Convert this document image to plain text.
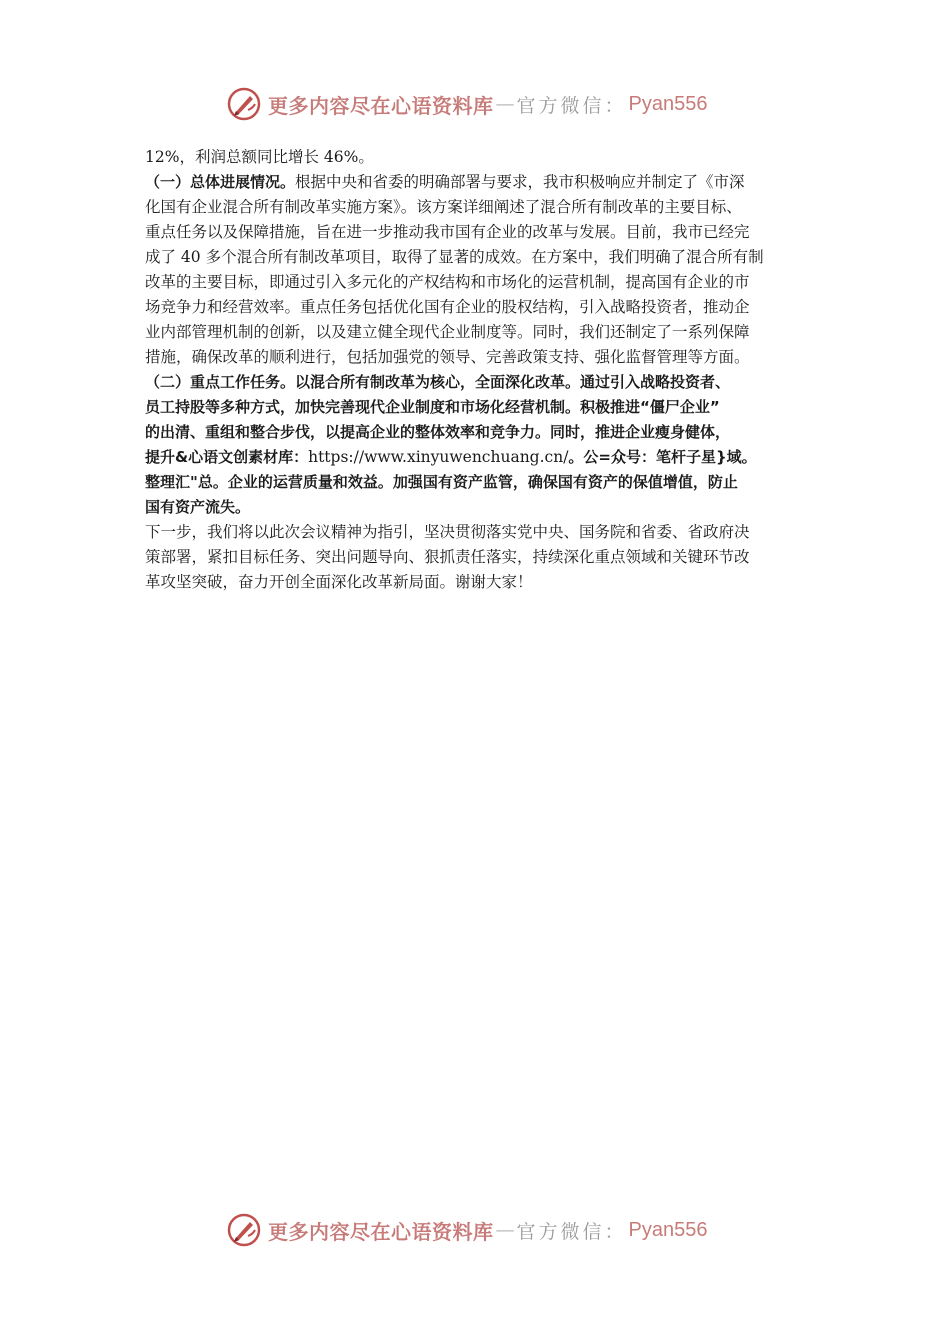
更多内容尽在心语资料库 — 官方微信： Pyan556
12%，利润总额同比增长 46%。
（一）总体进展情况。根据中央和省委的明确部署与要求，我市积极响应并制定了《市深
化国有企业混合所有制改革实施方案》。该方案详细阐述了混合所有制改革的主要目标、
重点任务以及保障措施，旨在进一步推动我市国有企业的改革与发展。目前，我市已经完
成了 40 多个混合所有制改革项目，取得了显著的成效。在方案中，我们明确了混合所有制
改革的主要目标，即通过引入多元化的产权结构和市场化的运营机制，提高国有企业的市
场竞争力和经营效率。重点任务包括优化国有企业的股权结构，引入战略投资者，推动企
业内部管理机制的创新，以及建立健全现代企业制度等。同时，我们还制定了一系列保障
措施，确保改革的顺利进行，包括加强党的领导、完善政策支持、强化监督管理等方面。
（二）重点工作任务。以混合所有制改革为核心，全面深化改革。通过引入战略投资者、
员工持股等多种方式，加快完善现代企业制度和市场化经营机制。积极推进“僵尸企业”
的出清、重组和整合步伐，以提高企业的整体效率和竞争力。同时，推进企业瘦身健体，
提升&心语文创素材库：https://www.xinyuwenchuang.cn/。公=众号：笔杆子星}域。
整理汇"总。企业的运营质量和效益。加强国有资产监管，确保国有资产的保值增值，防止
国有资产流失。
下一步，我们将以此次会议精神为指引，坚决贯彻落实党中央、国务院和省委、省政府决
策部署，紧扣目标任务、突出问题导向、狠抓责任落实，持续深化重点领域和关键环节改
革攻坚突破，奋力开创全面深化改革新局面。谢谢大家！
更多内容尽在心语资料库 — 官方微信： Pyan556
